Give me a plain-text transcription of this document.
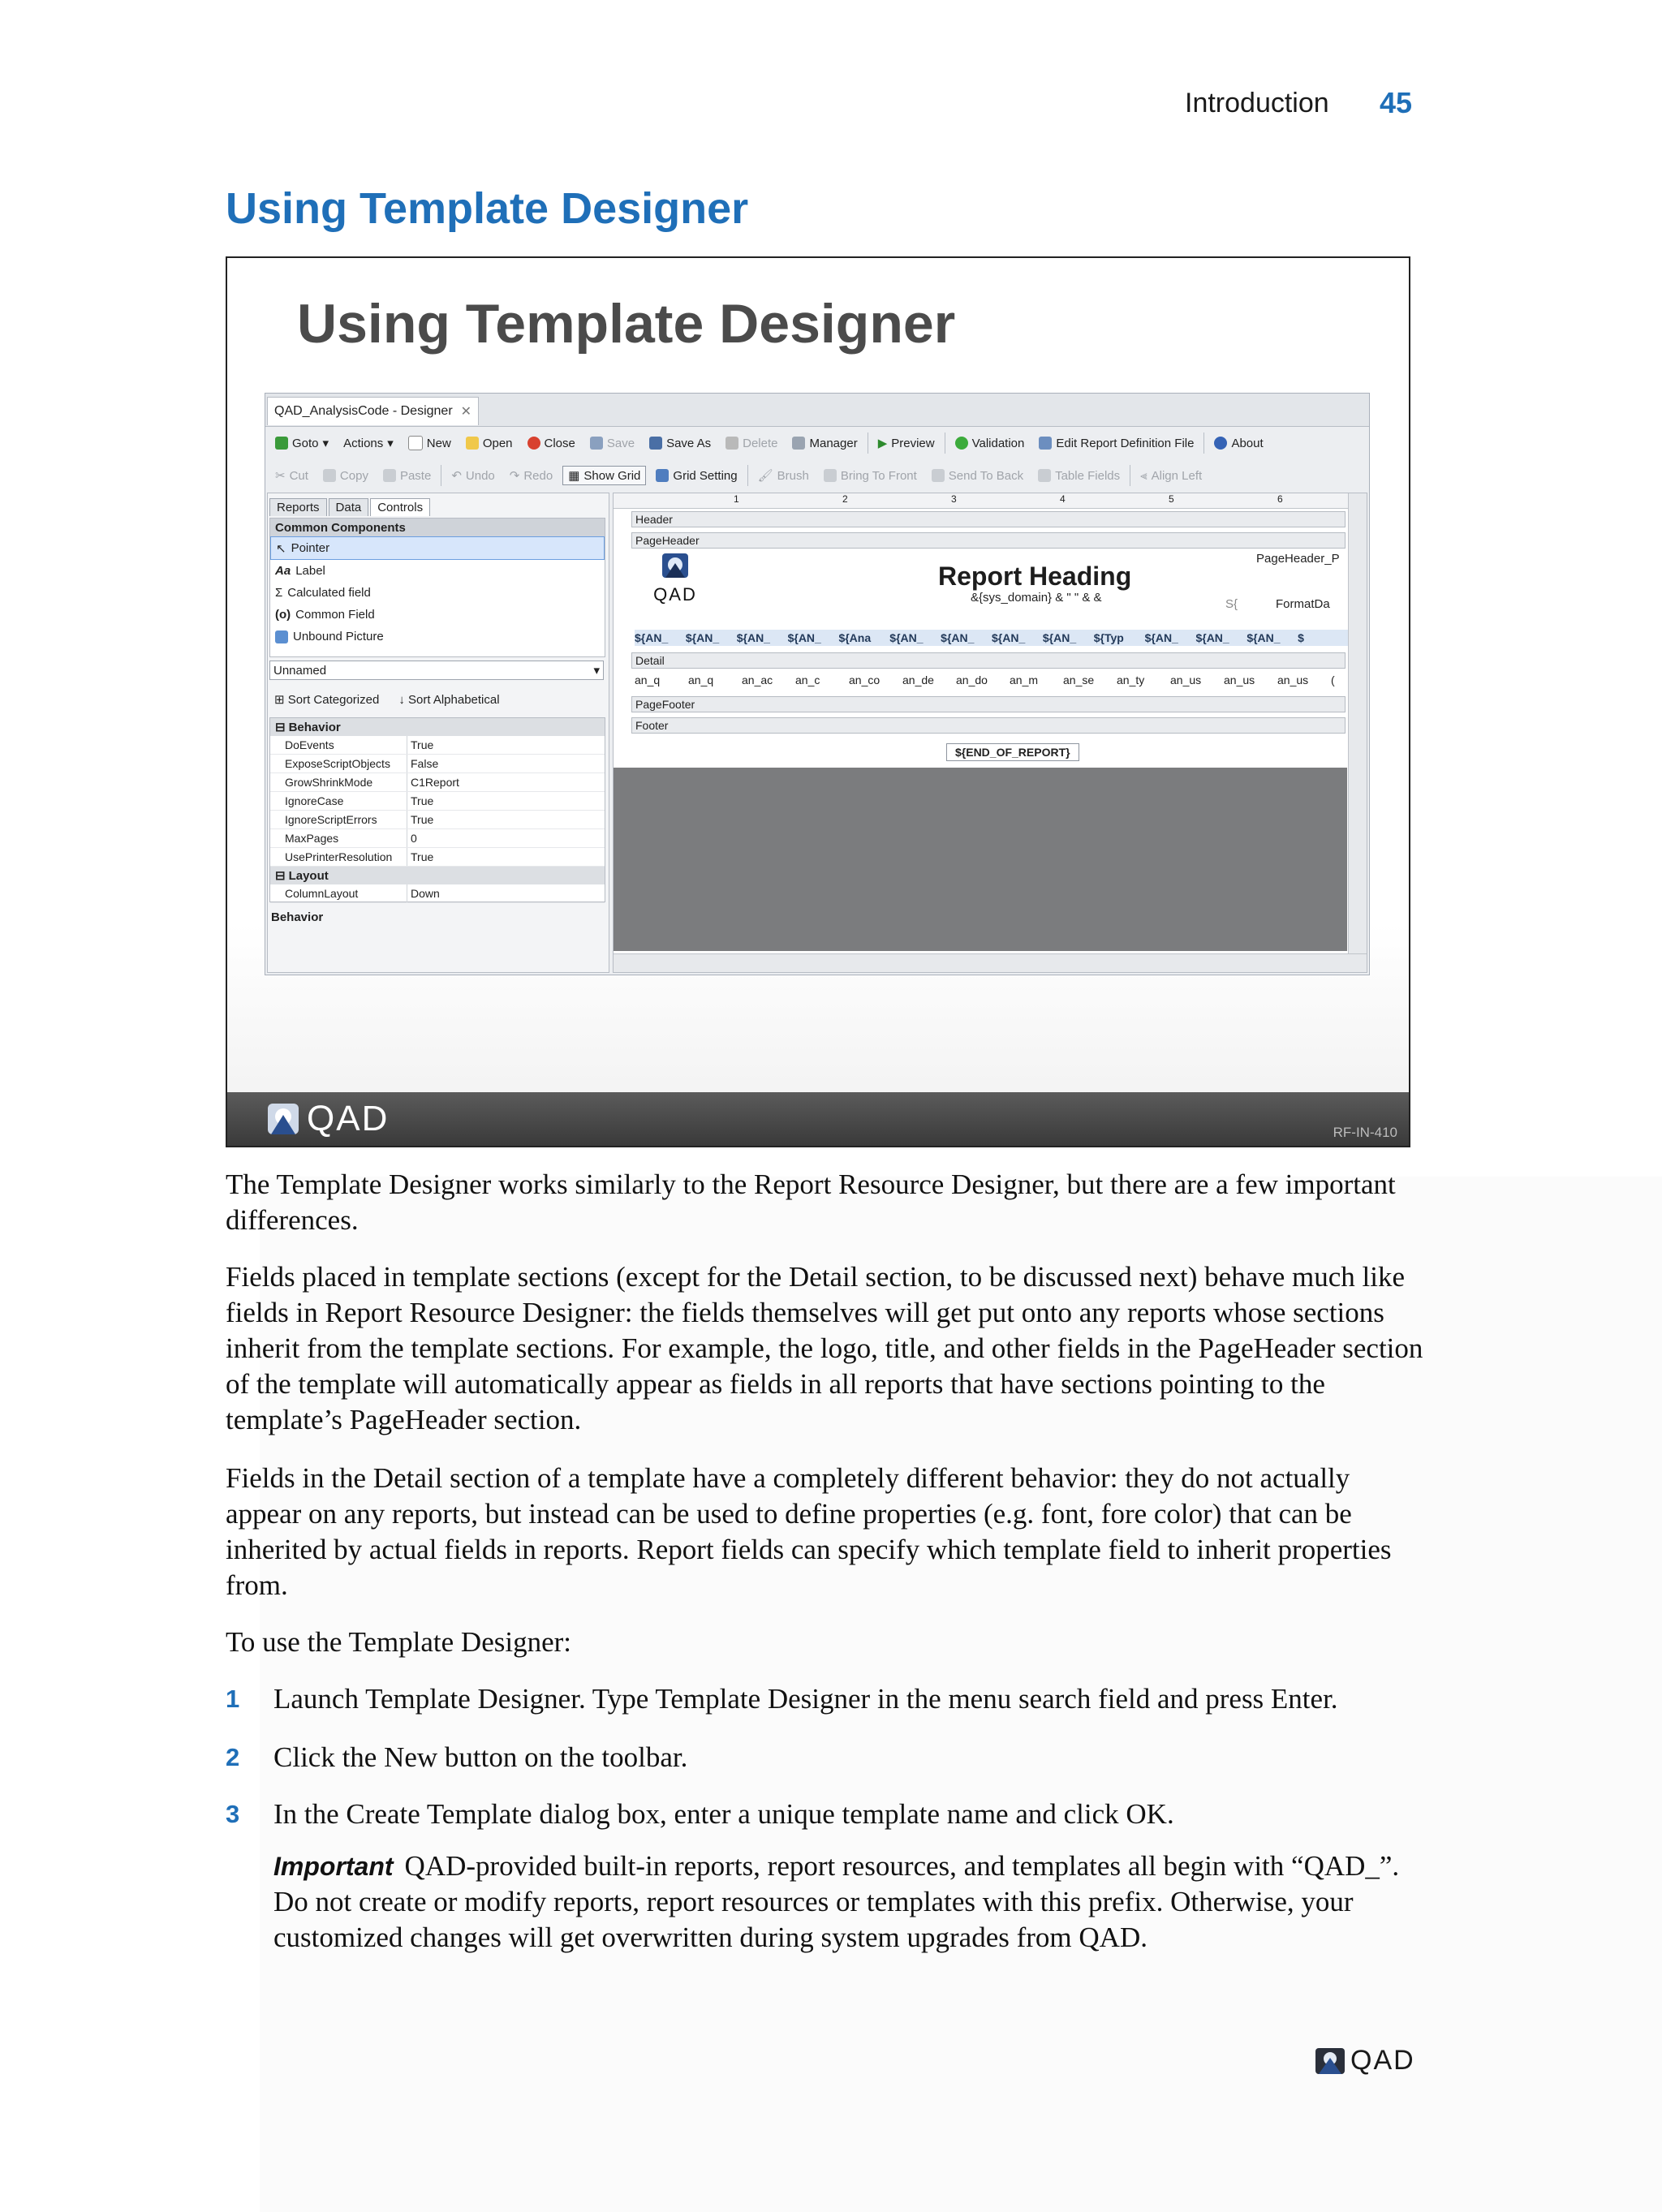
Introduction 45
Using Template Designer
Using Template Designer
QAD_AnalysisCode - Designer ✕
Goto ▾	Actions ▾	New	Open	Close	Save	Save As	Delete	Manager ▶ Preview	Validation	Edit Report Definition File	About
✂ Cut	Copy	Paste ↶ Undo ↷ Redo ▦ Show Grid	Grid Setting 🖌 Brush	Bring To Front	Send To Back	Table Fields ⫷ Align Left
Reports	Data	Controls
Common Components
↖ Pointer
Aa Label
Σ Calculated field
(o) Common Field
Unbound Picture
Unnamed	▾
⊞ Sort Categorized ↓ Sort Alphabetical
⊟ Behavior
DoEvents	True
ExposeScriptObjects	False
GrowShrinkMode	C1Report
IgnoreCase	True
IgnoreScriptErrors	True
MaxPages	0
UsePrinterResolution	True
⊟ Layout
ColumnLayout	Down
Behavior
1	2	3	4	5	6
Header
PageHeader
QAD
Report Heading
&{sys_domain} & " " & &
PageHeader_P
S{	FormatDa
${AN_	${AN_	${AN_	${AN_	${Ana	${AN_	${AN_	${AN_	${AN_	${Typ	${AN_	${AN_	${AN_	$
Detail
an_q	an_q	an_ac	an_c	an_co	an_de	an_do	an_m	an_se	an_ty	an_us	an_us	an_us	(
PageFooter
Footer
${END_OF_REPORT}
QAD	RF-IN-410

The Template Designer works similarly to the Report Resource Designer, but there are a few important differences.

Fields placed in template sections (except for the Detail section, to be discussed next) behave much like fields in Report Resource Designer: the fields themselves will get put onto any reports whose sections inherit from the template sections. For example, the logo, title, and other fields in the PageHeader section of the template will automatically appear as fields in all reports that have sections pointing to the template’s PageHeader section.

Fields in the Detail section of a template have a completely different behavior: they do not actually appear on any reports, but instead can be used to define properties (e.g. font, fore color) that can be inherited by actual fields in reports. Report fields can specify which template field to inherit properties from.

To use the Template Designer:

1 Launch Template Designer. Type Template Designer in the menu search field and press Enter.
2 Click the New button on the toolbar.
3 In the Create Template dialog box, enter a unique template name and click OK.
Important QAD-provided built-in reports, report resources, and templates all begin with “QAD_”. Do not create or modify reports, report resources or templates with this prefix. Otherwise, your customized changes will get overwritten during system upgrades from QAD.
QAD
